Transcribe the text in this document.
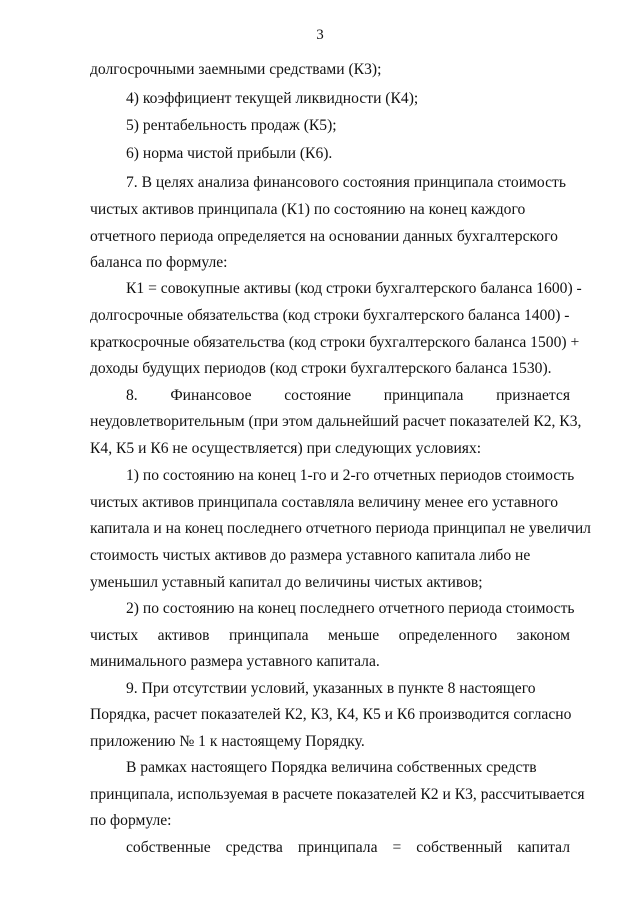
3
долгосрочными заемными средствами (К3);
4) коэффициент текущей ликвидности (К4);
5) рентабельность продаж (К5);
6) норма чистой прибыли (К6).
7. В целях анализа финансового состояния принципала стоимость
чистых активов принципала (К1) по состоянию на конец каждого
отчетного периода определяется на основании данных бухгалтерского
баланса по формуле:
К1 = совокупные активы (код строки бухгалтерского баланса 1600) -
долгосрочные обязательства (код строки бухгалтерского баланса 1400) -
краткосрочные обязательства (код строки бухгалтерского баланса 1500) +
доходы будущих периодов (код строки бухгалтерского баланса 1530).
8. Финансовое состояние принципала признается
неудовлетворительным (при этом дальнейший расчет показателей К2, К3,
К4, К5 и К6 не осуществляется) при следующих условиях:
1) по состоянию на конец 1-го и 2-го отчетных периодов стоимость
чистых активов принципала составляла величину менее его уставного
капитала и на конец последнего отчетного периода принципал не увеличил
стоимость чистых активов до размера уставного капитала либо не
уменьшил уставный капитал до величины чистых активов;
2) по состоянию на конец последнего отчетного периода стоимость
чистых активов принципала меньше определенного законом
минимального размера уставного капитала.
9. При отсутствии условий, указанных в пункте 8 настоящего
Порядка, расчет показателей К2, К3, К4, К5 и К6 производится согласно
приложению № 1 к настоящему Порядку.
В рамках настоящего Порядка величина собственных средств
принципала, используемая в расчете показателей К2 и К3, рассчитывается
по формуле:
собственные средства принципала = собственный капитал
